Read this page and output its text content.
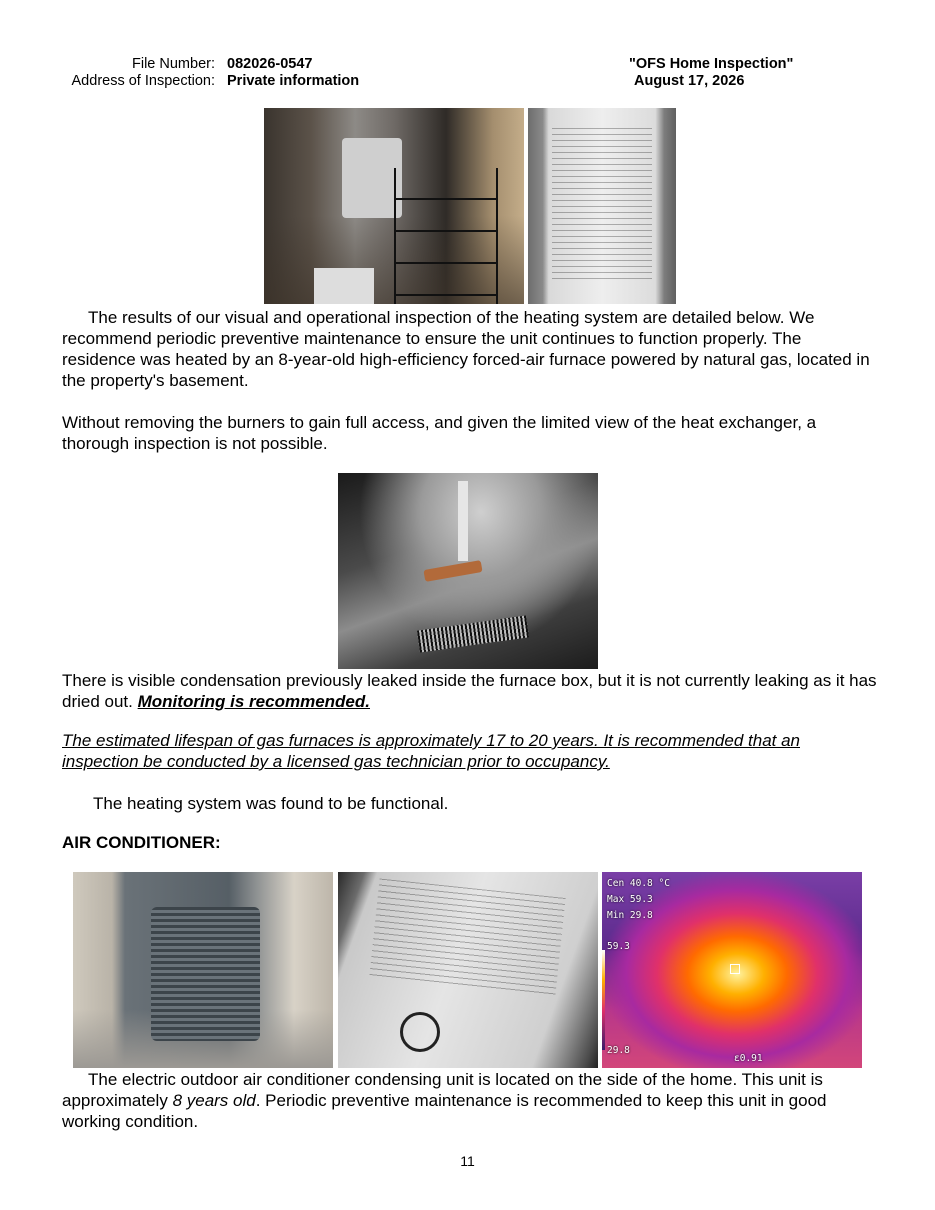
File Number: 082026-0547
Address of Inspection: Private information
"OFS Home Inspection"
August 17, 2026
The results of our visual and operational inspection of the heating system are detailed below. We recommend periodic preventive maintenance to ensure the unit continues to function properly. The residence was heated by an 8-year-old high-efficiency forced-air furnace powered by natural gas, located in the property's basement.
Without removing the burners to gain full access, and given the limited view of the heat exchanger, a thorough inspection is not possible.
There is visible condensation previously leaked inside the furnace box, but it is not currently leaking as it has dried out. Monitoring is recommended.
The estimated lifespan of gas furnaces is approximately 17 to 20 years. It is recommended that an inspection be conducted by a licensed gas technician prior to occupancy.
The heating system was found to be functional.
AIR CONDITIONER:
Cen 40.8 °C
Max 59.3
Min 29.8
59.3
29.8
ε0.91
The electric outdoor air conditioner condensing unit is located on the side of the home. This unit is approximately 8 years old. Periodic preventive maintenance is recommended to keep this unit in good working condition.
11
